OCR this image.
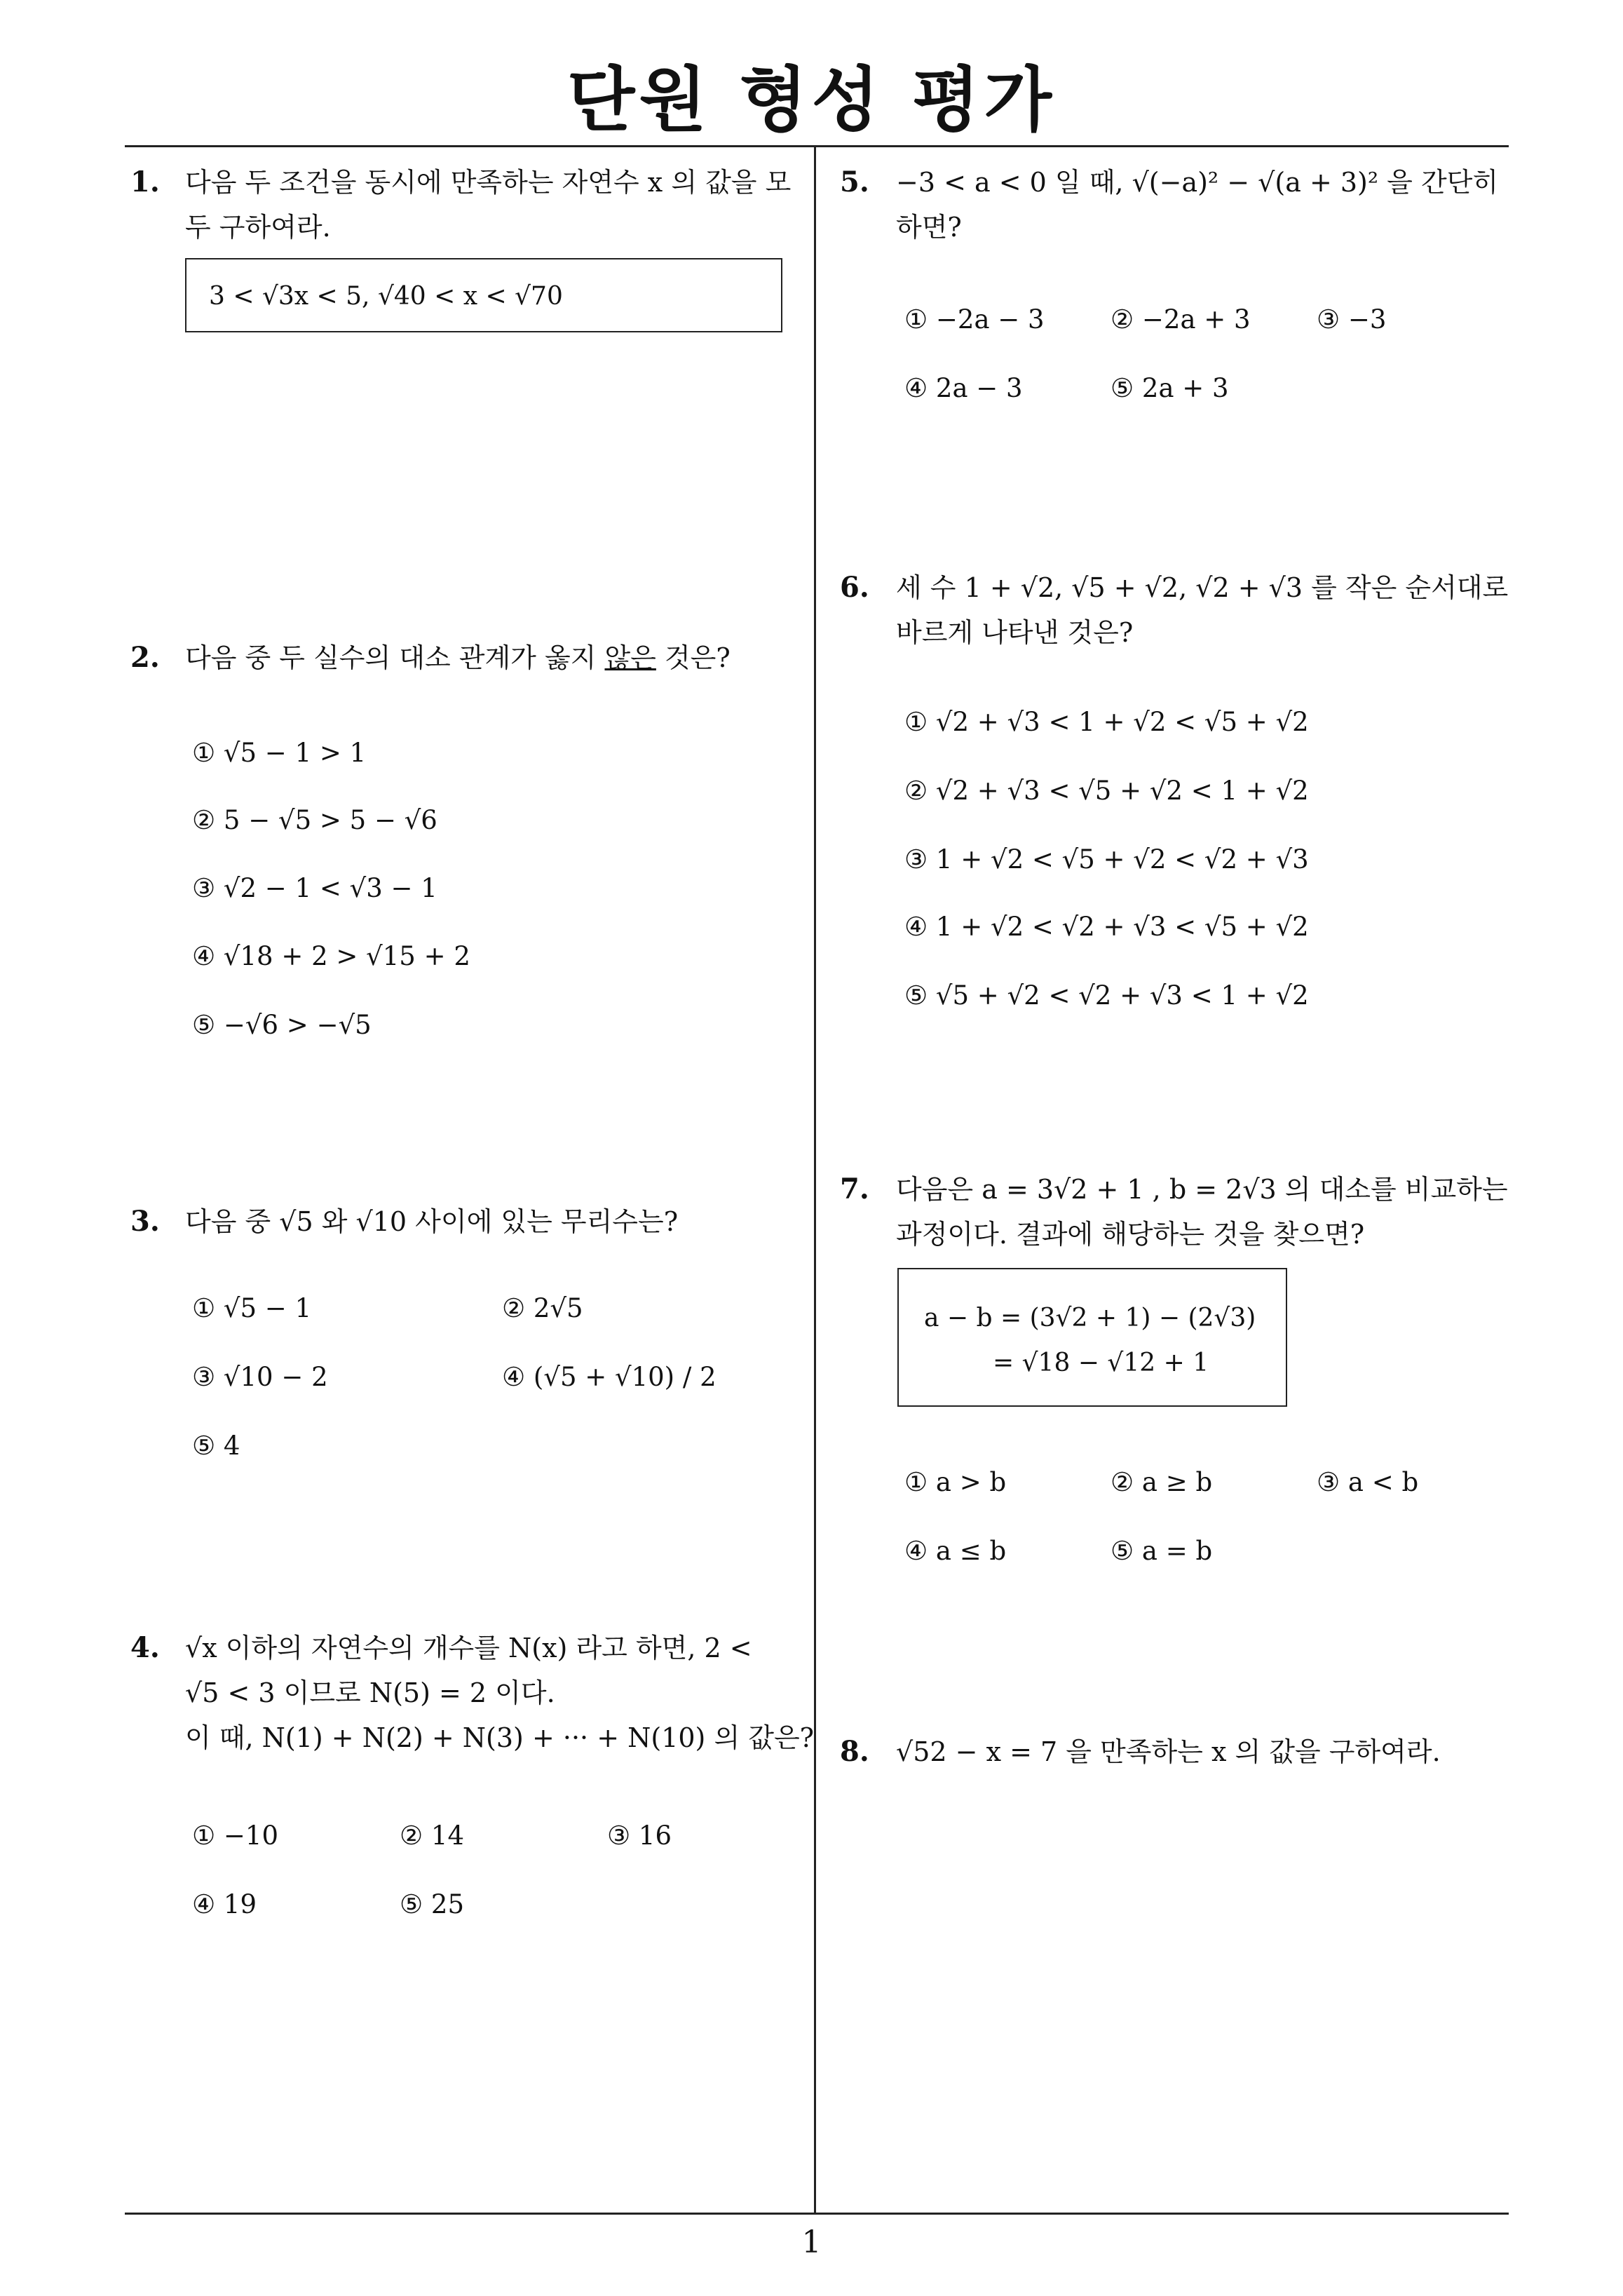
단원 형성 평가
1. 다음 두 조건을 동시에 만족하는 자연수 x 의 값을 모
두 구하여라.
3 < √3x < 5, √40 < x < √70
2. 다음 중 두 실수의 대소 관계가 옳지 않은 것은?
① √5 − 1 > 1
② 5 − √5 > 5 − √6
③ √2 − 1 < √3 − 1
④ √18 + 2 > √15 + 2
⑤ −√6 > −√5
3. 다음 중 √5 와 √10 사이에 있는 무리수는?
① √5 − 1	② 2√5
③ √10 − 2	④ (√5 + √10) / 2
⑤ 4
4. √x 이하의 자연수의 개수를 N(x) 라고 하면, 2 <
√5 < 3 이므로 N(5) = 2 이다.
이 때, N(1) + N(2) + N(3) + ··· + N(10) 의 값은?
① −10	② 14	③ 16
④ 19	⑤ 25
5. −3 < a < 0 일 때, √(−a)² − √(a + 3)² 을 간단히
하면?
① −2a − 3	② −2a + 3	③ −3
④ 2a − 3	⑤ 2a + 3
6. 세 수 1 + √2, √5 + √2, √2 + √3 를 작은 순서대로
바르게 나타낸 것은?
① √2 + √3 < 1 + √2 < √5 + √2
② √2 + √3 < √5 + √2 < 1 + √2
③ 1 + √2 < √5 + √2 < √2 + √3
④ 1 + √2 < √2 + √3 < √5 + √2
⑤ √5 + √2 < √2 + √3 < 1 + √2
7. 다음은 a = 3√2 + 1 , b = 2√3 의 대소를 비교하는
과정이다. 결과에 해당하는 것을 찾으면?
a − b = (3√2 + 1) − (2√3)
= √18 − √12 + 1
① a > b	② a ≥ b	③ a < b
④ a ≤ b	⑤ a = b
8. √52 − x = 7 을 만족하는 x 의 값을 구하여라.
1
